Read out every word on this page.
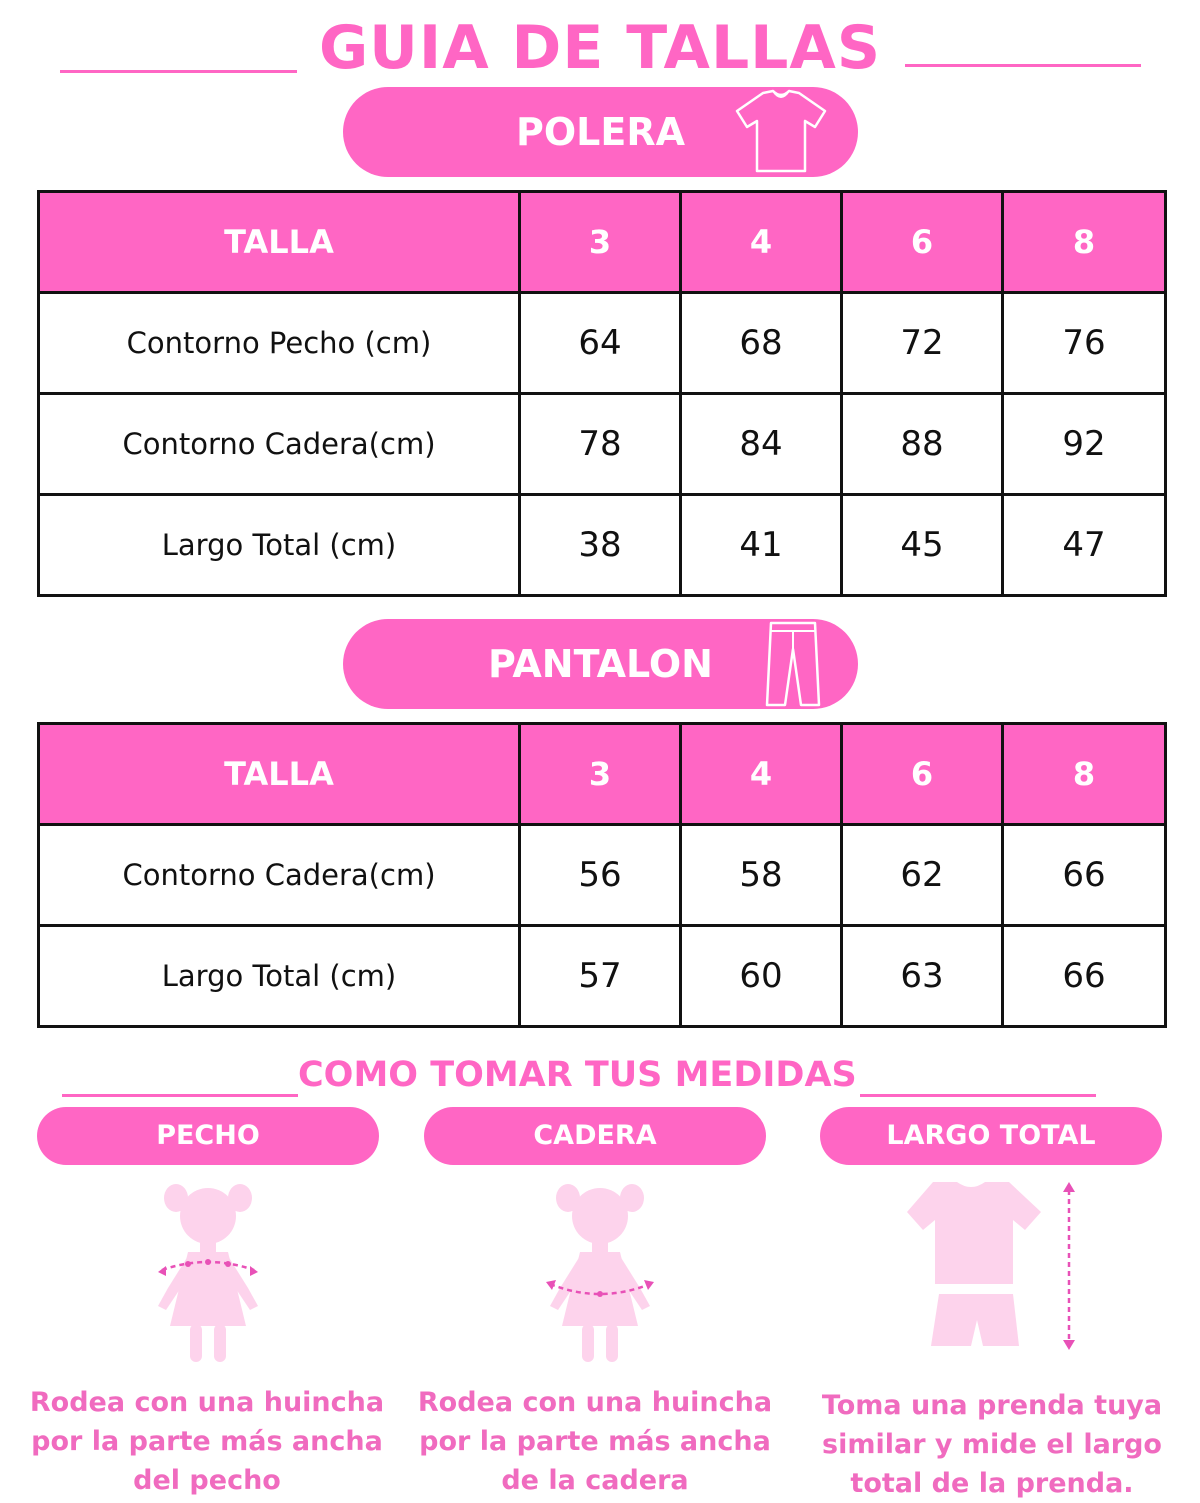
GUIA DE TALLAS
POLERA
TALLA	3	4	6	8
Contorno Pecho (cm)	64	68	72	76
Contorno Cadera(cm)	78	84	88	92
Largo Total (cm)	38	41	45	47
PANTALON
TALLA	3	4	6	8
Contorno Cadera(cm)	56	58	62	66
Largo Total (cm)	57	60	63	66
COMO TOMAR TUS MEDIDAS
PECHO	CADERA	LARGO TOTAL
Rodea con una huincha
por la parte más ancha
del pecho
Rodea con una huincha
por la parte más ancha
de la cadera
Toma una prenda tuya
similar y mide el largo
total de la prenda.
